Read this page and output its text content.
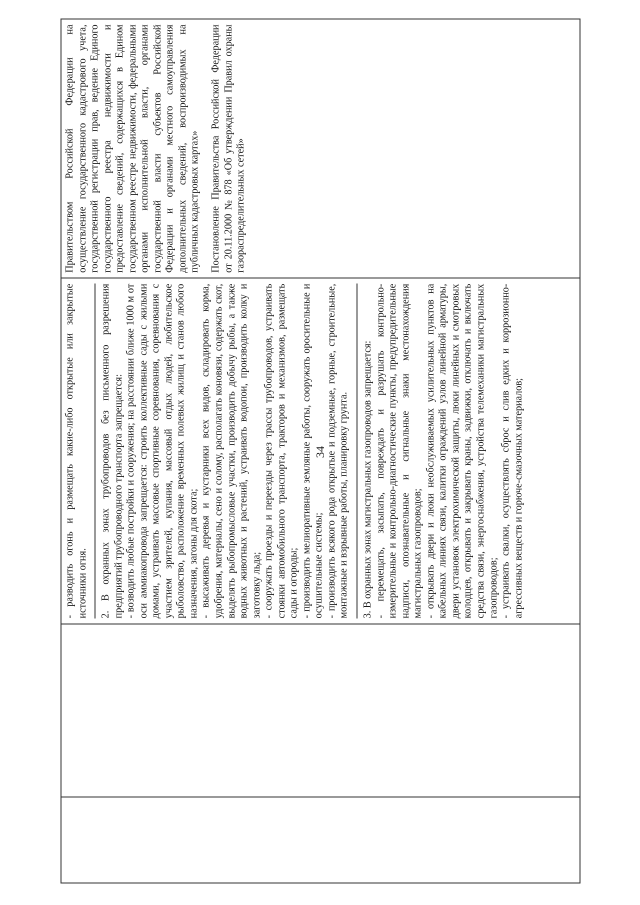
34

- разводить огонь и размещать какие-либо открытые или закрытые источники огня. 2. В охранных зонах трубопроводов без письменного разрешения предприятий трубопроводного транспорта запрещается: - возводить любые постройки и сооружения; на расстоянии ближе 1000 м от оси аммиакопровода запрещается: строить коллективные сады с жилыми домами, устраивать массовые спортивные соревнования, соревнования с участием зрителей, купания, массовый отдых людей, любительское рыболовство, расположение временных полевых жилищ и станов любого назначения, загоны для скота; - высаживать деревья и кустарники всех видов, складировать корма, удобрения, материалы, сено и солому, располагать коновязи, содержать скот, выделять рыбопромысловые участки, производить добычу рыбы, а также водных животных и растений, устраивать водопои, производить колку и заготовку льда; - сооружать проезды и переезды через трассы трубопроводов, устраивать стоянки автомобильного транспорта, тракторов и механизмов, размещать сады и огороды; - производить мелиоративные земляные работы, сооружать оросительные и осушительные системы; - производить всякого рода открытые и подземные, горные, строительные, монтажные и взрывные работы, планировку грунта. 3. В охранных зонах магистральных газопроводов запрещается: - перемещать, засыпать, повреждать и разрушать контрольно-измерительные и контрольно-диагностические пункты, предупредительные надписи, опознавательные и сигнальные знаки местонахождения магистральных газопроводов; - открывать двери и люки необслуживаемых усилительных пунктов на кабельных линиях связи, калитки ограждений узлов линейной арматуры, двери установок электрохимической защиты, люки линейных и смотровых колодцев, открывать и закрывать краны, задвижки, отключать и включать средства связи, энергоснабжения, устройства телемеханики магистральных газопроводов; - устраивать свалки, осуществлять сброс и слив едких и коррозионно-агрессивных веществ и горюче-смазочных материалов;

Правительством Российской Федерации на осуществление государственного кадастрового учета, государственной регистрации прав, ведение Единого государственного реестра недвижимости и предоставление сведений, содержащихся в Едином государственном реестре недвижимости, федеральными органами исполнительной власти, органами государственной власти субъектов Российской Федерации и органами местного самоуправления дополнительных сведений, воспроизводимых на публичных кадастровых картах» Постановление Правительства Российской Федерации от 20.11.2000 № 878 «Об утверждении Правил охраны газораспределительных сетей»
